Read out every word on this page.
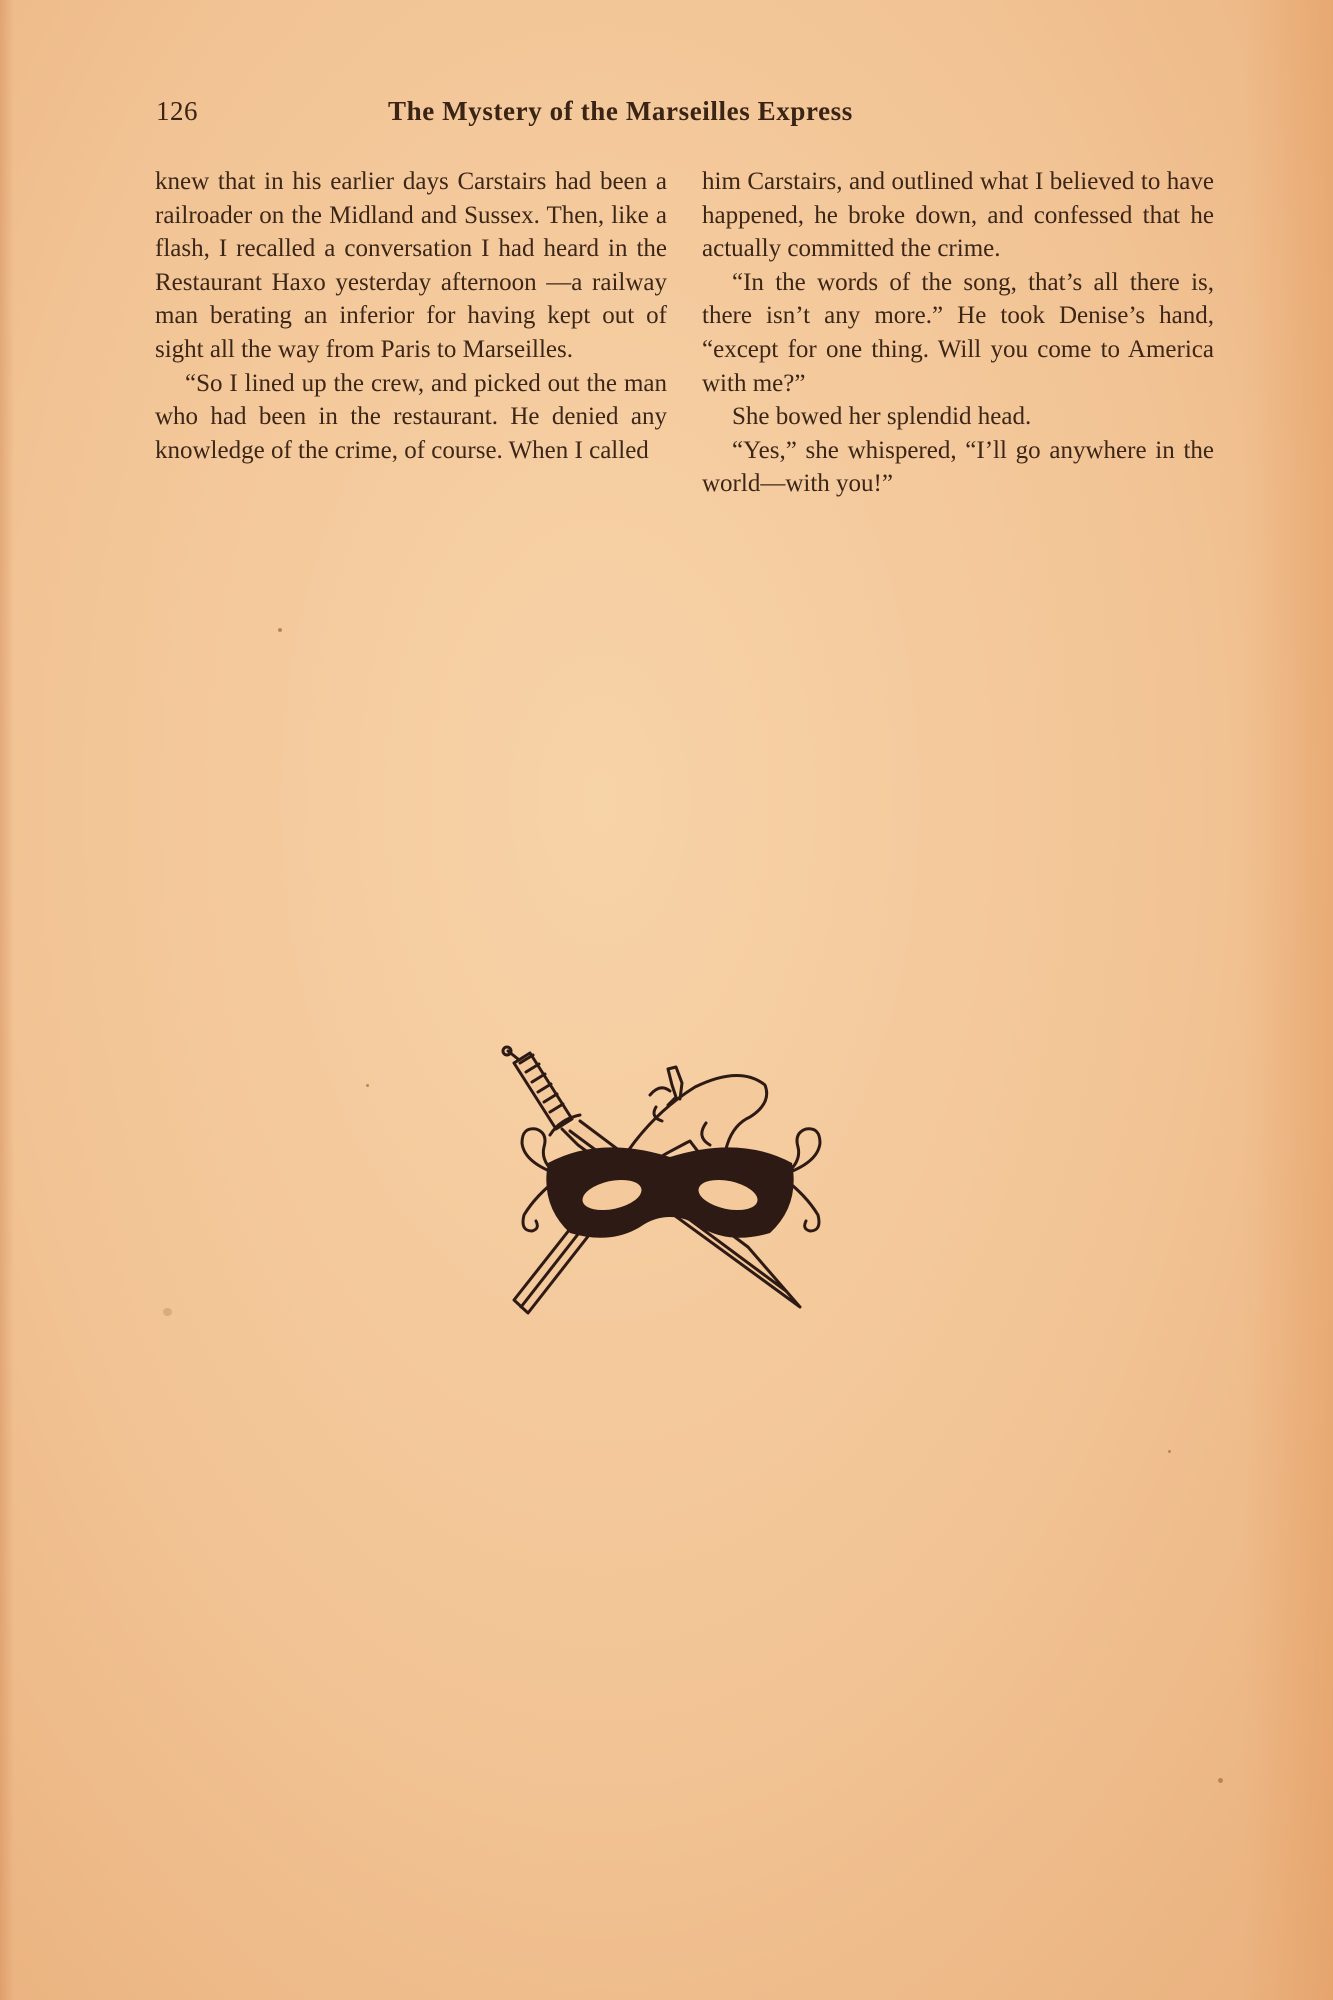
126	The Mystery of the Marseilles Express

knew that in his earlier days Carstairs had been a railroader on the Midland and Sussex. Then, like a flash, I recalled a conversation I had heard in the Restaurant Haxo yesterday afternoon —a railway man berating an inferior for having kept out of sight all the way from Paris to Marseilles.

“So I lined up the crew, and picked out the man who had been in the restaurant. He denied any knowledge of the crime, of course. When I called

him Carstairs, and outlined what I believed to have happened, he broke down, and confessed that he actually committed the crime.

“In the words of the song, that’s all there is, there isn’t any more.” He took Denise’s hand, “except for one thing. Will you come to America with me?”

She bowed her splendid head.

“Yes,” she whispered, “I’ll go anywhere in the world—with you!”
